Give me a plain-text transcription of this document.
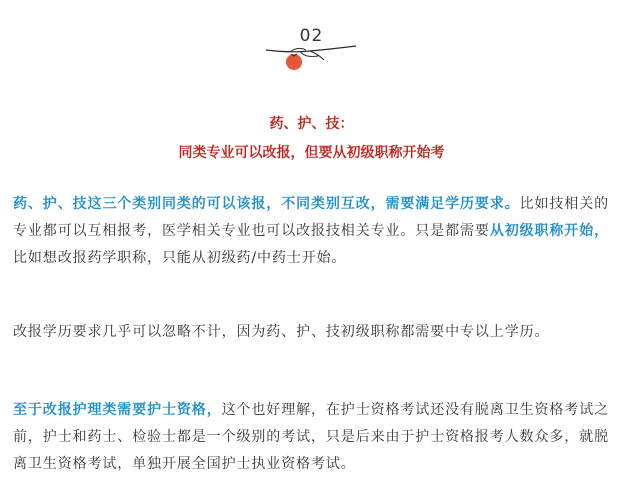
02
药、护、技：
同类专业可以改报，但要从初级职称开始考
药、护、技这三个类别同类的可以该报，不同类别互改，需要满足学历要求。比如技相关的专业都可以互相报考，医学相关专业也可以改报技相关专业。只是都需要从初级职称开始，比如想改报药学职称，只能从初级药/中药士开始。
改报学历要求几乎可以忽略不计，因为药、护、技初级职称都需要中专以上学历。
至于改报护理类需要护士资格，这个也好理解，在护士资格考试还没有脱离卫生资格考试之前，护士和药士、检验士都是一个级别的考试，只是后来由于护士资格报考人数众多，就脱离卫生资格考试，单独开展全国护士执业资格考试。
